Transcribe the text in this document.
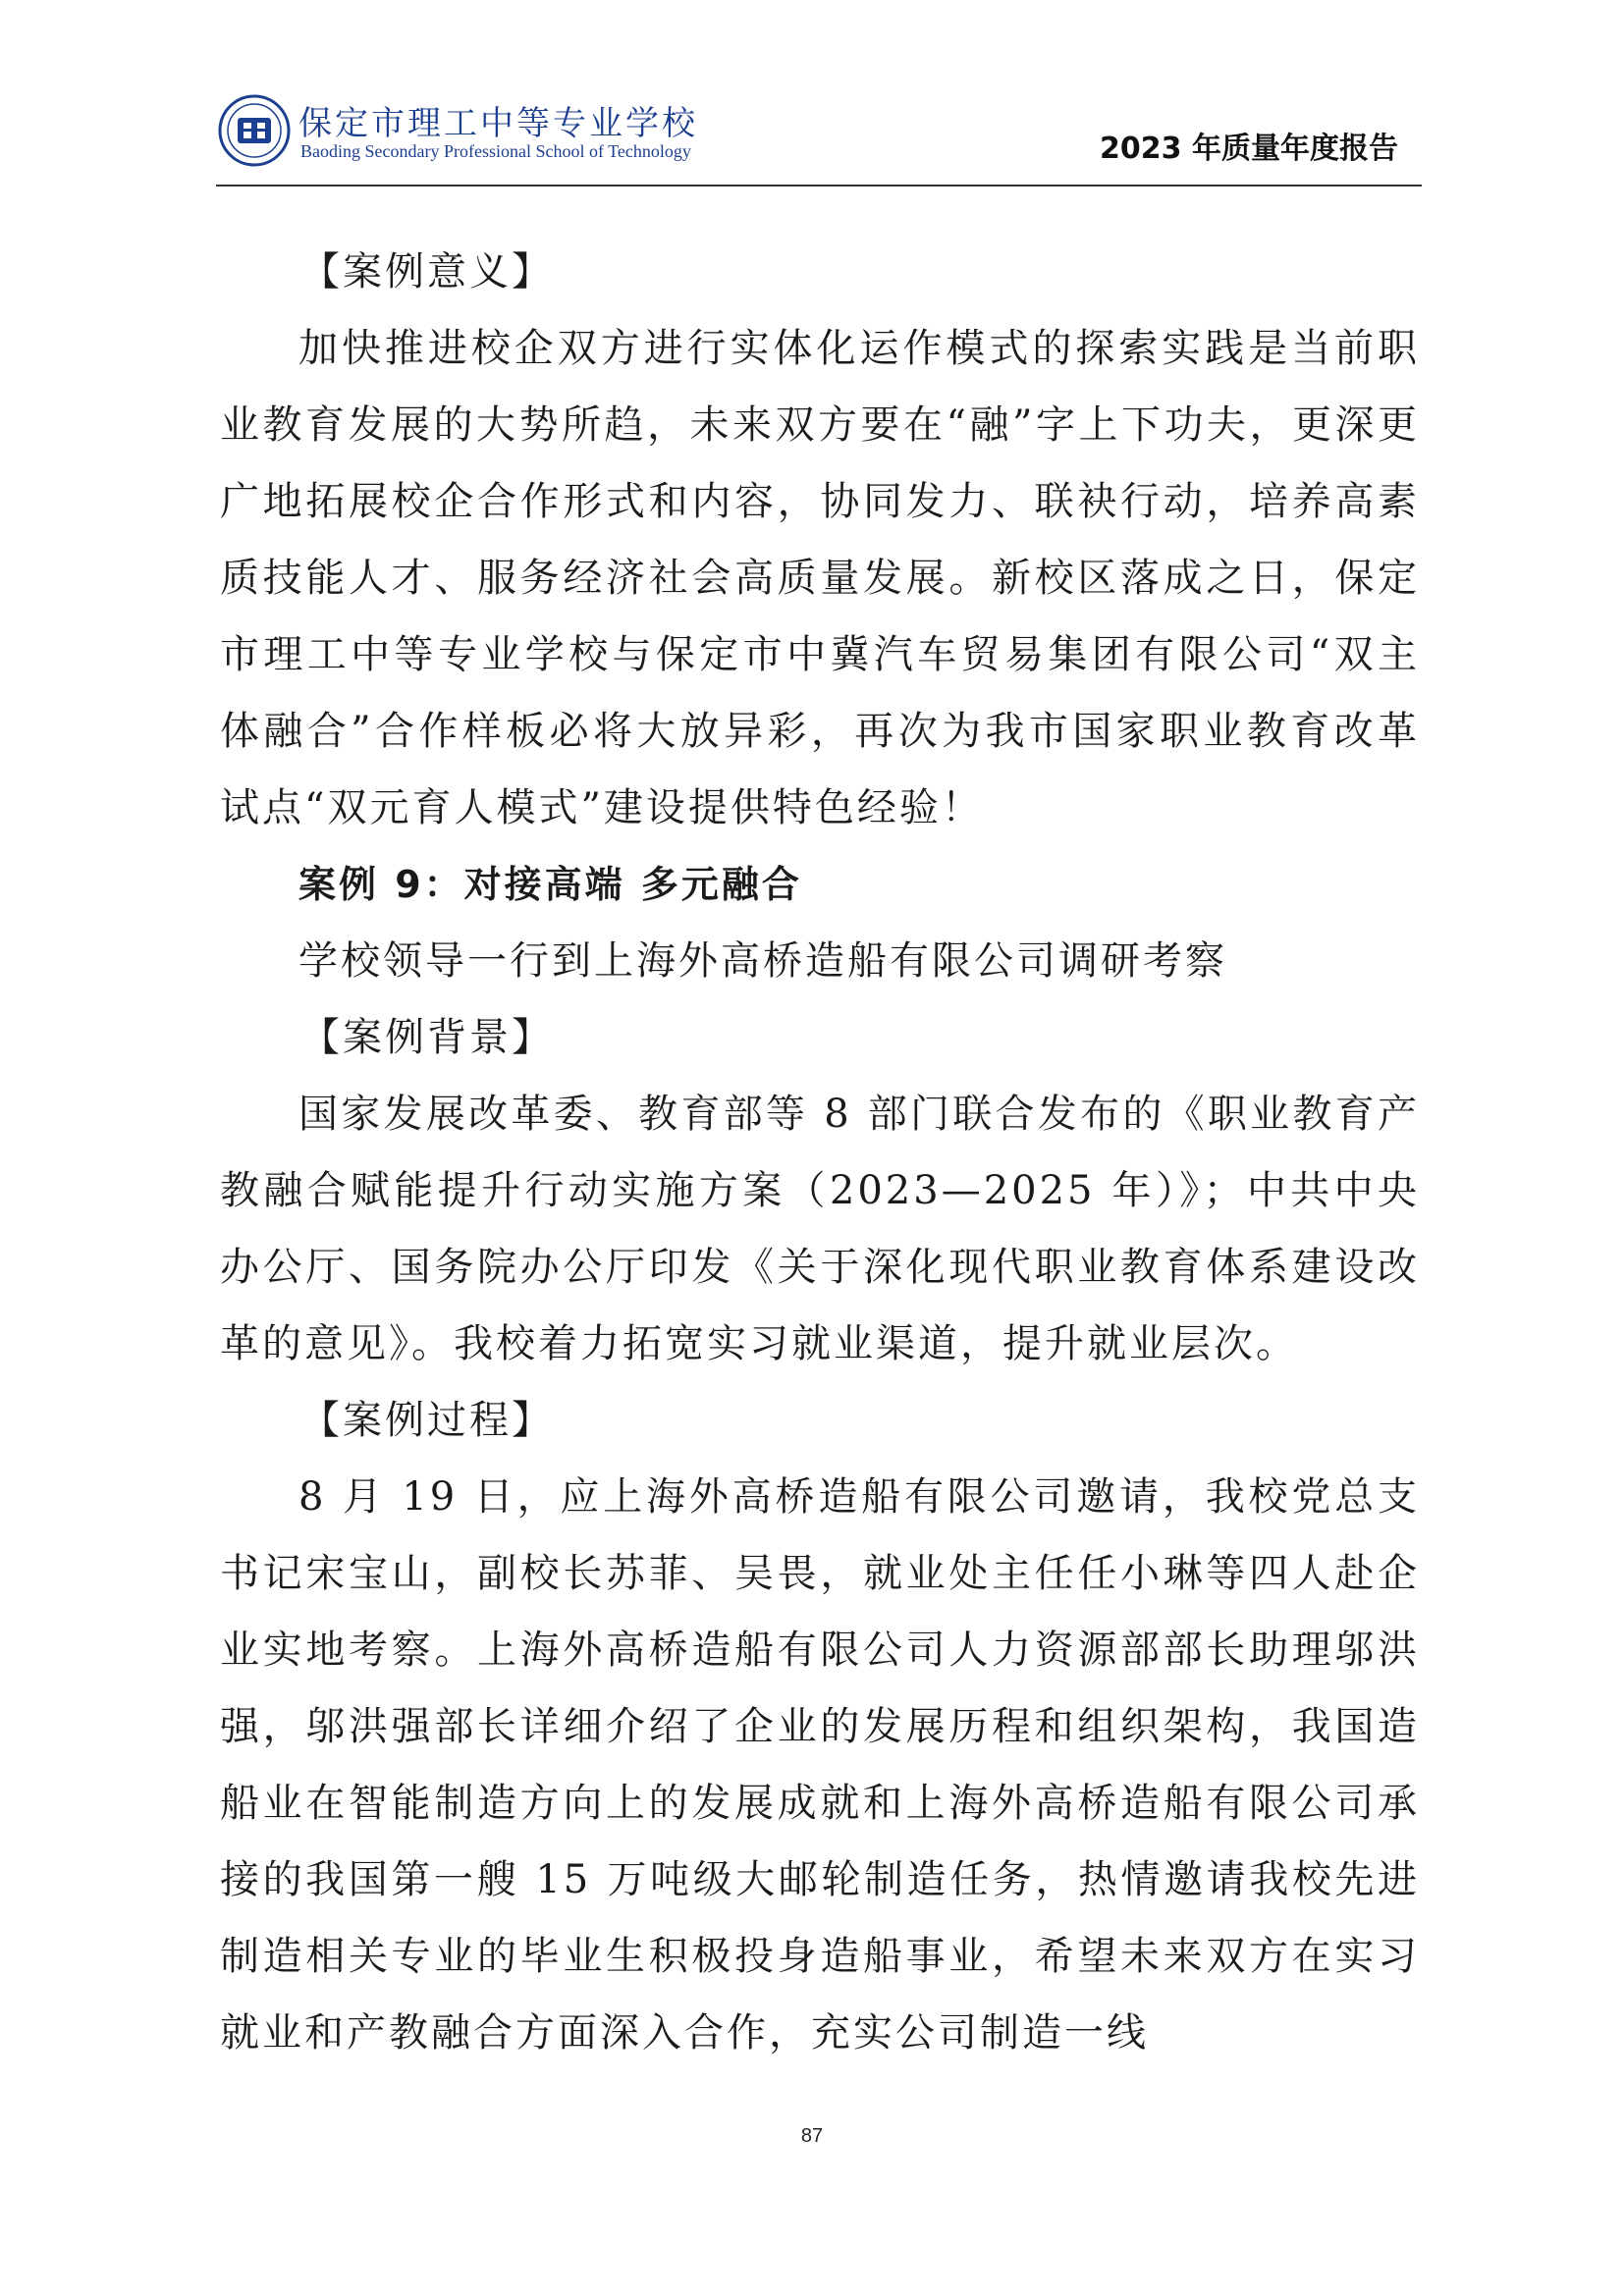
保定市理工中等专业学校
Baoding Secondary Professional School of Technology	2023 年质量年度报告

【案例意义】

加快推进校企双方进行实体化运作模式的探索实践是当前职业教育发展的大势所趋，未来双方要在“融”字上下功夫，更深更广地拓展校企合作形式和内容，协同发力、联袂行动，培养高素质技能人才、服务经济社会高质量发展。新校区落成之日，保定市理工中等专业学校与保定市中冀汽车贸易集团有限公司“双主体融合”合作样板必将大放异彩，再次为我市国家职业教育改革试点“双元育人模式”建设提供特色经验！

案例 9：对接高端 多元融合

学校领导一行到上海外高桥造船有限公司调研考察

【案例背景】

国家发展改革委、教育部等 8 部门联合发布的《职业教育产教融合赋能提升行动实施方案（2023—2025 年）》；中共中央办公厅、国务院办公厅印发《关于深化现代职业教育体系建设改革的意见》。我校着力拓宽实习就业渠道，提升就业层次。

【案例过程】

8 月 19 日，应上海外高桥造船有限公司邀请，我校党总支书记宋宝山，副校长苏菲、吴畏，就业处主任任小琳等四人赴企业实地考察。上海外高桥造船有限公司人力资源部部长助理邬洪强，邬洪强部长详细介绍了企业的发展历程和组织架构，我国造船业在智能制造方向上的发展成就和上海外高桥造船有限公司承接的我国第一艘 15 万吨级大邮轮制造任务，热情邀请我校先进制造相关专业的毕业生积极投身造船事业，希望未来双方在实习就业和产教融合方面深入合作，充实公司制造一线

87
